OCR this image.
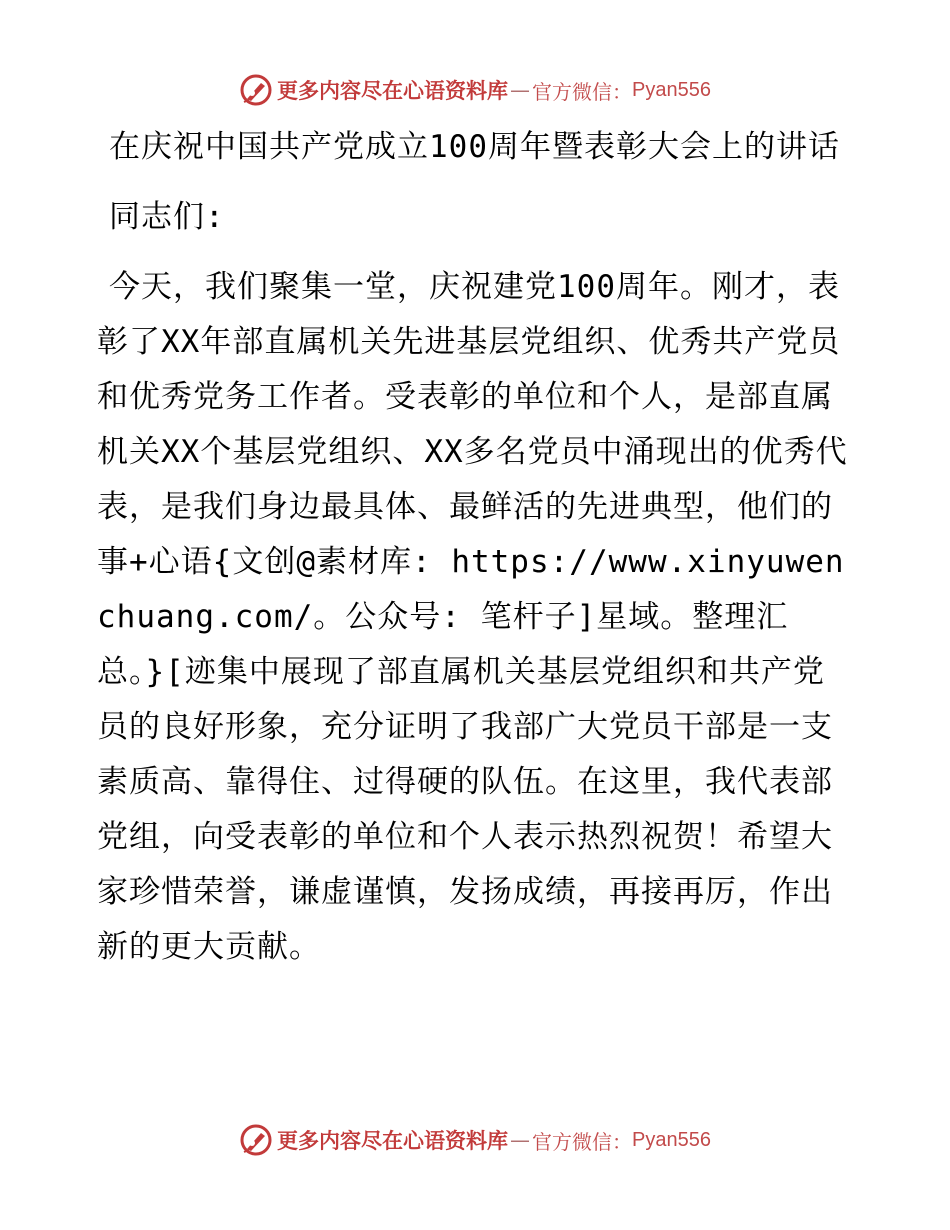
更多内容尽在心语资料库 — 官方微信： Pyan556
在庆祝中国共产党成立100周年暨表彰大会上的讲话

同志们:

今天，我们聚集一堂，庆祝建党100周年。刚才，表彰了XX年部直属机关先进基层党组织、优秀共产党员和优秀党务工作者。受表彰的单位和个人，是部直属机关XX个基层党组织、XX多名党员中涌现出的优秀代表，是我们身边最具体、最鲜活的先进典型，他们的事+心语{文创@素材库: https://www.xinyuwenchuang.com/。公众号: 笔杆子]星域。整理汇总。}[迹集中展现了部直属机关基层党组织和共产党员的良好形象，充分证明了我部广大党员干部是一支素质高、靠得住、过得硬的队伍。在这里，我代表部党组，向受表彰的单位和个人表示热烈祝贺！希望大家珍惜荣誉，谦虚谨慎，发扬成绩，再接再厉，作出新的更大贡献。

更多内容尽在心语资料库 — 官方微信： Pyan556
